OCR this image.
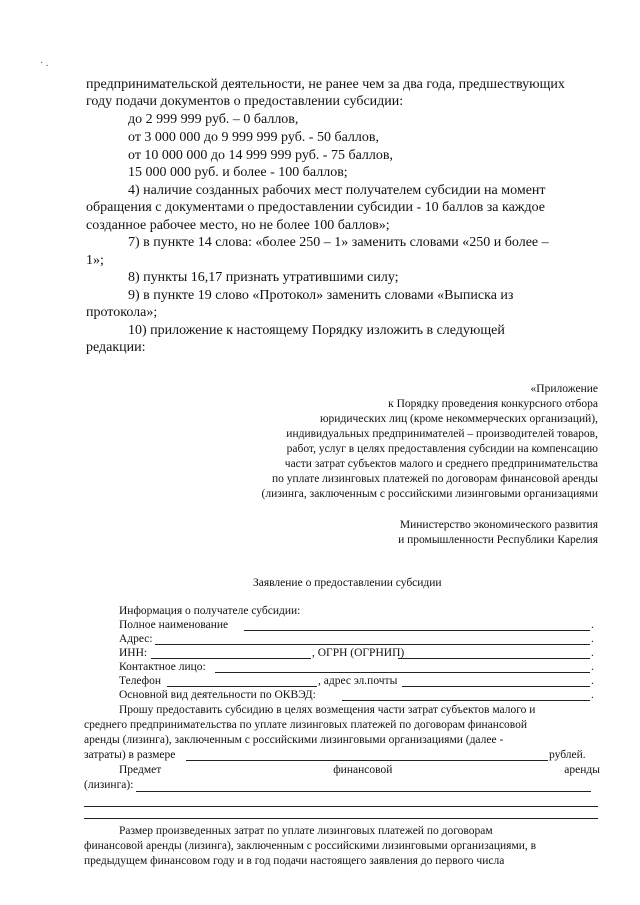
· .
предпринимательской деятельности, не ранее чем за два года, предшествующих
году подачи документов о предоставлении субсидии:
до 2 999 999 руб. – 0 баллов,
от 3 000 000 до 9 999 999 руб. - 50 баллов,
от 10 000 000 до 14 999 999 руб. - 75 баллов,
15 000 000 руб. и более - 100 баллов;
4) наличие созданных рабочих мест получателем субсидии на момент
обращения с документами о предоставлении субсидии - 10 баллов за каждое
созданное рабочее место, но не более 100 баллов»;
7) в пункте 14 слова: «более 250 – 1» заменить словами «250 и более –
1»;
8) пункты 16,17 признать утратившими силу;
9) в пункте 19 слово «Протокол» заменить словами «Выписка из
протокола»;
10) приложение к настоящему Порядку изложить в следующей
редакции:
«Приложение
к Порядку проведения конкурсного отбора
юридических лиц (кроме некоммерческих организаций),
индивидуальных предпринимателей – производителей товаров,
работ, услуг в целях предоставления субсидии на компенсацию
части затрат субъектов малого и среднего предпринимательства
по уплате лизинговых платежей по договорам финансовой аренды
(лизинга, заключенным с российскими лизинговыми организациями
Министерство экономического развития
и промышленности Республики Карелия
Заявление о предоставлении субсидии
Информация о получателе субсидии:
Полное наименование	.
Адрес:	.
ИНН:	, ОГРН (ОГРНИП)	.
Контактное лицо:	.
Телефон	, адрес эл.почты	.
Основной вид деятельности по ОКВЭД:	.
Прошу предоставить субсидию в целях возмещения части затрат субъектов малого и
среднего предпринимательства по уплате лизинговых платежей по договорам финансовой
аренды (лизинга), заключенным с российскими лизинговыми организациями (далее -
затраты) в размере	рублей.
Предмет	финансовой	аренды
(лизинга):
Размер произведенных затрат по уплате лизинговых платежей по договорам
финансовой аренды (лизинга), заключенным с российскими лизинговыми организациями, в
предыдущем финансовом году и в год подачи настоящего заявления до первого числа
